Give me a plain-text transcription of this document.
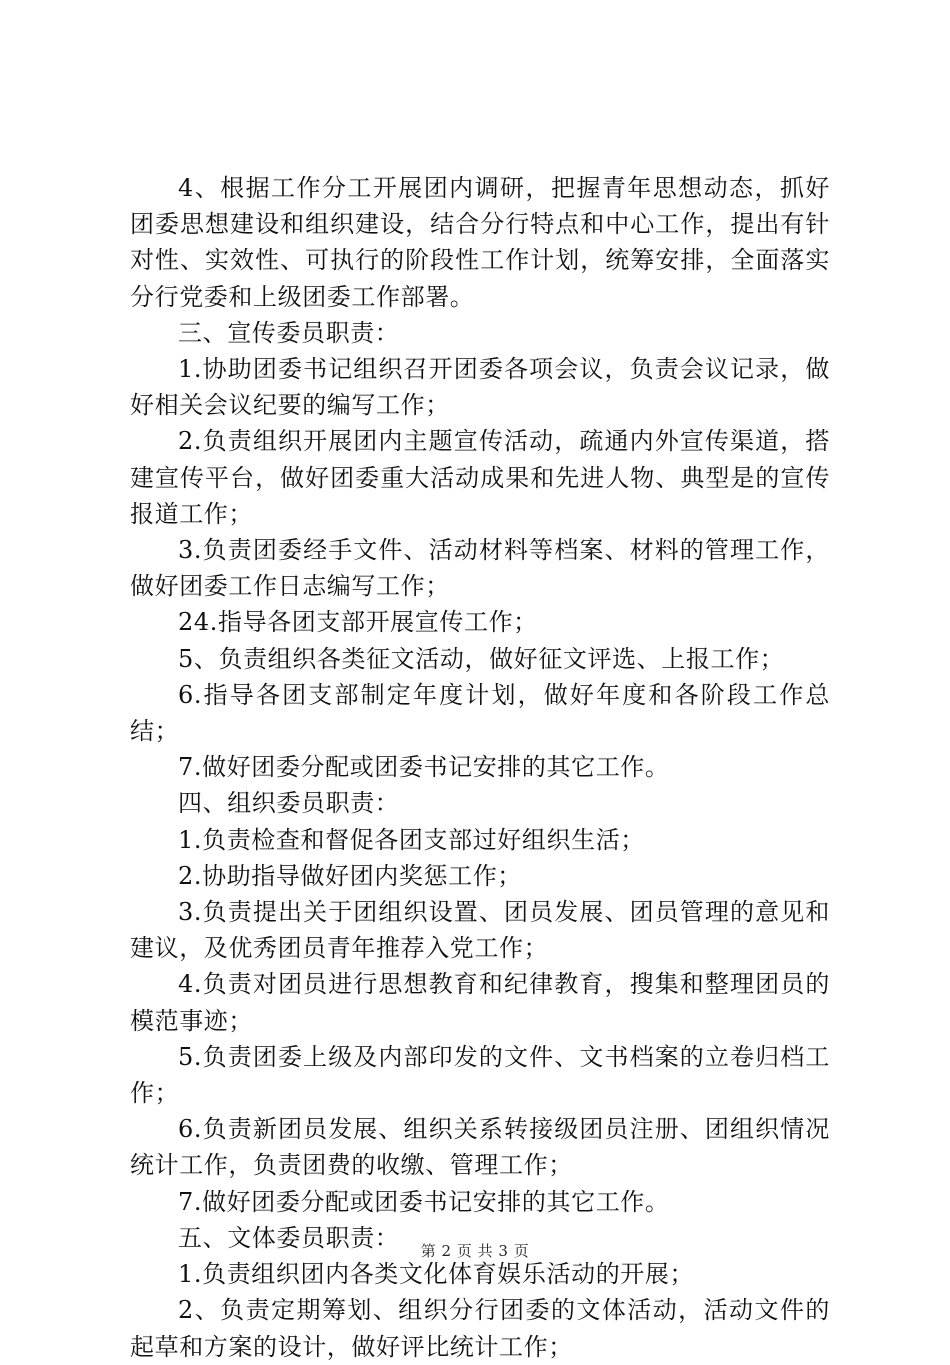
4、根据工作分工开展团内调研，把握青年思想动态，抓好团委思想建设和组织建设，结合分行特点和中心工作，提出有针对性、实效性、可执行的阶段性工作计划，统筹安排，全面落实分行党委和上级团委工作部署。

三、宣传委员职责：

1.协助团委书记组织召开团委各项会议，负责会议记录，做好相关会议纪要的编写工作；

2.负责组织开展团内主题宣传活动，疏通内外宣传渠道，搭建宣传平台，做好团委重大活动成果和先进人物、典型是的宣传报道工作；

3.负责团委经手文件、活动材料等档案、材料的管理工作，做好团委工作日志编写工作；

24.指导各团支部开展宣传工作；

5、负责组织各类征文活动，做好征文评选、上报工作；

6.指导各团支部制定年度计划，做好年度和各阶段工作总结；

7.做好团委分配或团委书记安排的其它工作。

四、组织委员职责：

1.负责检查和督促各团支部过好组织生活；

2.协助指导做好团内奖惩工作；

3.负责提出关于团组织设置、团员发展、团员管理的意见和建议，及优秀团员青年推荐入党工作；

4.负责对团员进行思想教育和纪律教育，搜集和整理团员的模范事迹；

5.负责团委上级及内部印发的文件、文书档案的立卷归档工作；

6.负责新团员发展、组织关系转接级团员注册、团组织情况统计工作，负责团费的收缴、管理工作；

7.做好团委分配或团委书记安排的其它工作。

五、文体委员职责：

1.负责组织团内各类文化体育娱乐活动的开展；

2、负责定期筹划、组织分行团委的文体活动，活动文件的起草和方案的设计，做好评比统计工作；

第 2 页 共 3 页
